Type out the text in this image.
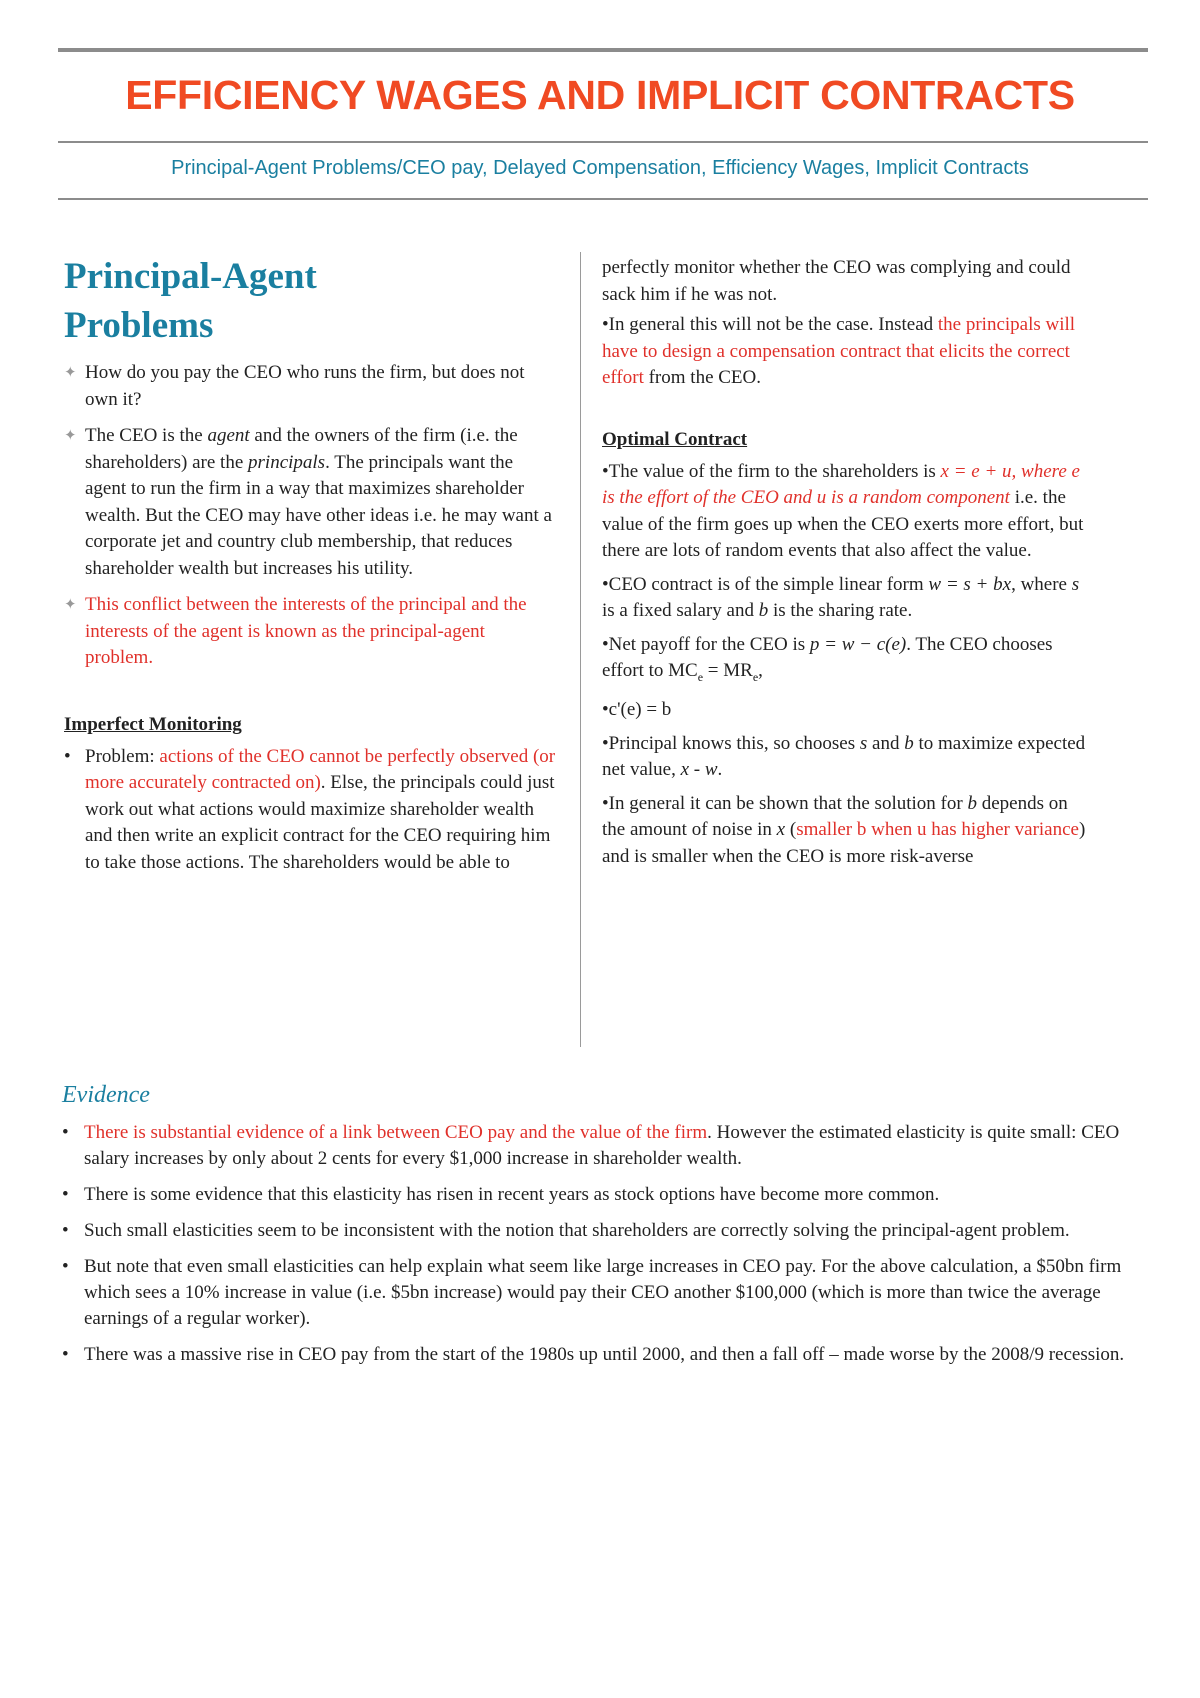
EFFICIENCY WAGES AND IMPLICIT CONTRACTS
Principal-Agent Problems/CEO pay, Delayed Compensation, Efficiency Wages, Implicit Contracts
Principal-Agent
Problems
✦ How do you pay the CEO who runs the firm, but does not own it?
✦ The CEO is the agent and the owners of the firm (i.e. the shareholders) are the principals. The principals want the agent to run the firm in a way that maximizes shareholder wealth. But the CEO may have other ideas i.e. he may want a corporate jet and country club membership, that reduces shareholder wealth but increases his utility.
✦ This conflict between the interests of the principal and the interests of the agent is known as the principal-agent problem.
Imperfect Monitoring
• Problem: actions of the CEO cannot be perfectly observed (or more accurately contracted on). Else, the principals could just work out what actions would maximize shareholder wealth and then write an explicit contract for the CEO requiring him to take those actions. The shareholders would be able to
perfectly monitor whether the CEO was complying and could sack him if he was not.
•In general this will not be the case. Instead the principals will have to design a compensation contract that elicits the correct effort from the CEO.
Optimal Contract
•The value of the firm to the shareholders is x = e + u, where e is the effort of the CEO and u is a random component i.e. the value of the firm goes up when the CEO exerts more effort, but there are lots of random events that also affect the value.
•CEO contract is of the simple linear form w = s + bx, where s is a fixed salary and b is the sharing rate.
•Net payoff for the CEO is p = w − c(e). The CEO chooses effort to $MC_e = MR_e$,
•c'(e) = b
•Principal knows this, so chooses s and b to maximize expected net value, x - w.
•In general it can be shown that the solution for b depends on the amount of noise in x (smaller b when u has higher variance) and is smaller when the CEO is more risk-averse
Evidence
• There is substantial evidence of a link between CEO pay and the value of the firm. However the estimated elasticity is quite small: CEO salary increases by only about 2 cents for every $1,000 increase in shareholder wealth.
• There is some evidence that this elasticity has risen in recent years as stock options have become more common.
• Such small elasticities seem to be inconsistent with the notion that shareholders are correctly solving the principal-agent problem.
• But note that even small elasticities can help explain what seem like large increases in CEO pay. For the above calculation, a $50bn firm which sees a 10% increase in value (i.e. $5bn increase) would pay their CEO another $100,000 (which is more than twice the average earnings of a regular worker).
• There was a massive rise in CEO pay from the start of the 1980s up until 2000, and then a fall off – made worse by the 2008/9 recession.
